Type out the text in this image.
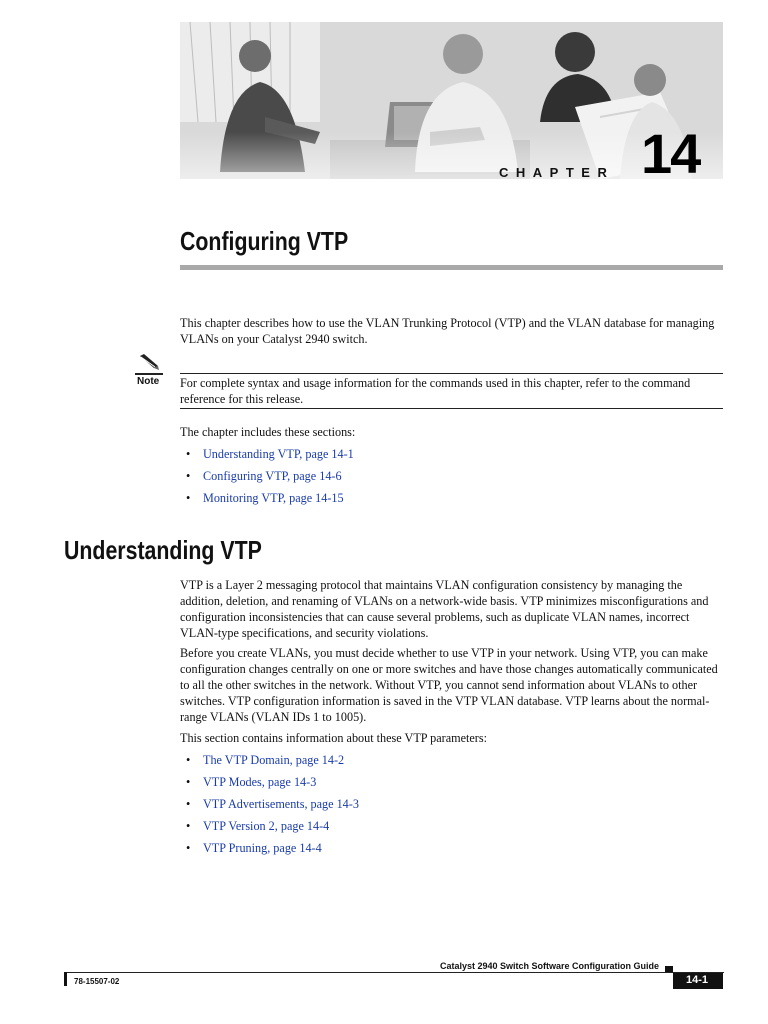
CHAPTER 14
Configuring VTP

This chapter describes how to use the VLAN Trunking Protocol (VTP) and the VLAN database for managing VLANs on your Catalyst 2940 switch.

Note For complete syntax and usage information for the commands used in this chapter, refer to the command reference for this release.

The chapter includes these sections:

• Understanding VTP, page 14-1
• Configuring VTP, page 14-6
• Monitoring VTP, page 14-15
Understanding VTP

VTP is a Layer 2 messaging protocol that maintains VLAN configuration consistency by managing the addition, deletion, and renaming of VLANs on a network-wide basis. VTP minimizes misconfigurations and configuration inconsistencies that can cause several problems, such as duplicate VLAN names, incorrect VLAN-type specifications, and security violations.

Before you create VLANs, you must decide whether to use VTP in your network. Using VTP, you can make configuration changes centrally on one or more switches and have those changes automatically communicated to all the other switches in the network. Without VTP, you cannot send information about VLANs to other switches. VTP configuration information is saved in the VTP VLAN database. VTP learns about the normal-range VLANs (VLAN IDs 1 to 1005).

This section contains information about these VTP parameters:

• The VTP Domain, page 14-2
• VTP Modes, page 14-3
• VTP Advertisements, page 14-3
• VTP Version 2, page 14-4
• VTP Pruning, page 14-4
Catalyst 2940 Switch Software Configuration Guide
78-15507-02	14-1
